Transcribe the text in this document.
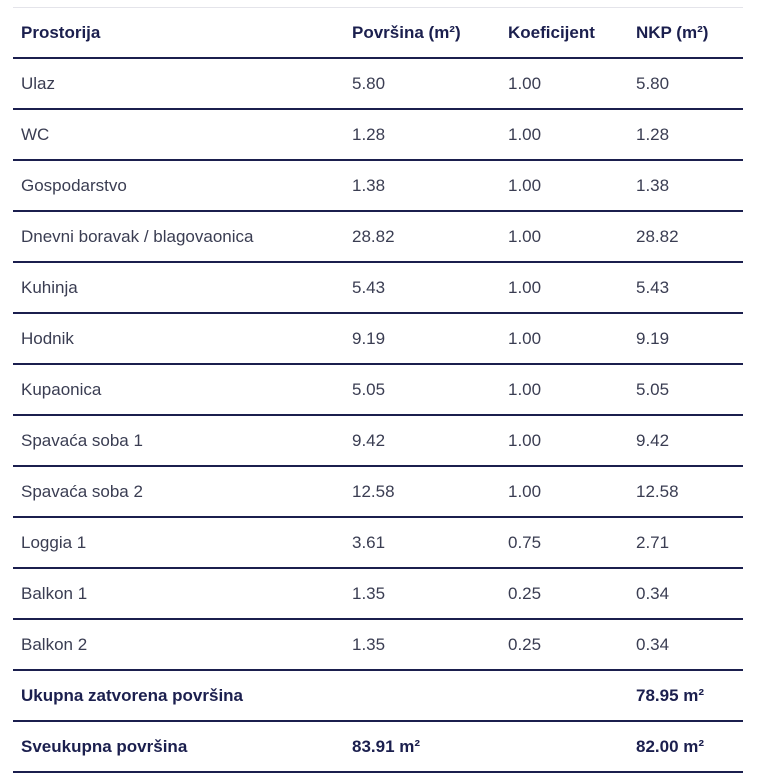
Prostorija	Površina (m²)	Koeficijent	NKP (m²)
Ulaz	5.80	1.00	5.80
WC	1.28	1.00	1.28
Gospodarstvo	1.38	1.00	1.38
Dnevni boravak / blagovaonica	28.82	1.00	28.82
Kuhinja	5.43	1.00	5.43
Hodnik	9.19	1.00	9.19
Kupaonica	5.05	1.00	5.05
Spavaća soba 1	9.42	1.00	9.42
Spavaća soba 2	12.58	1.00	12.58
Loggia 1	3.61	0.75	2.71
Balkon 1	1.35	0.25	0.34
Balkon 2	1.35	0.25	0.34
Ukupna zatvorena površina			78.95 m²
Sveukupna površina	83.91 m²		82.00 m²
